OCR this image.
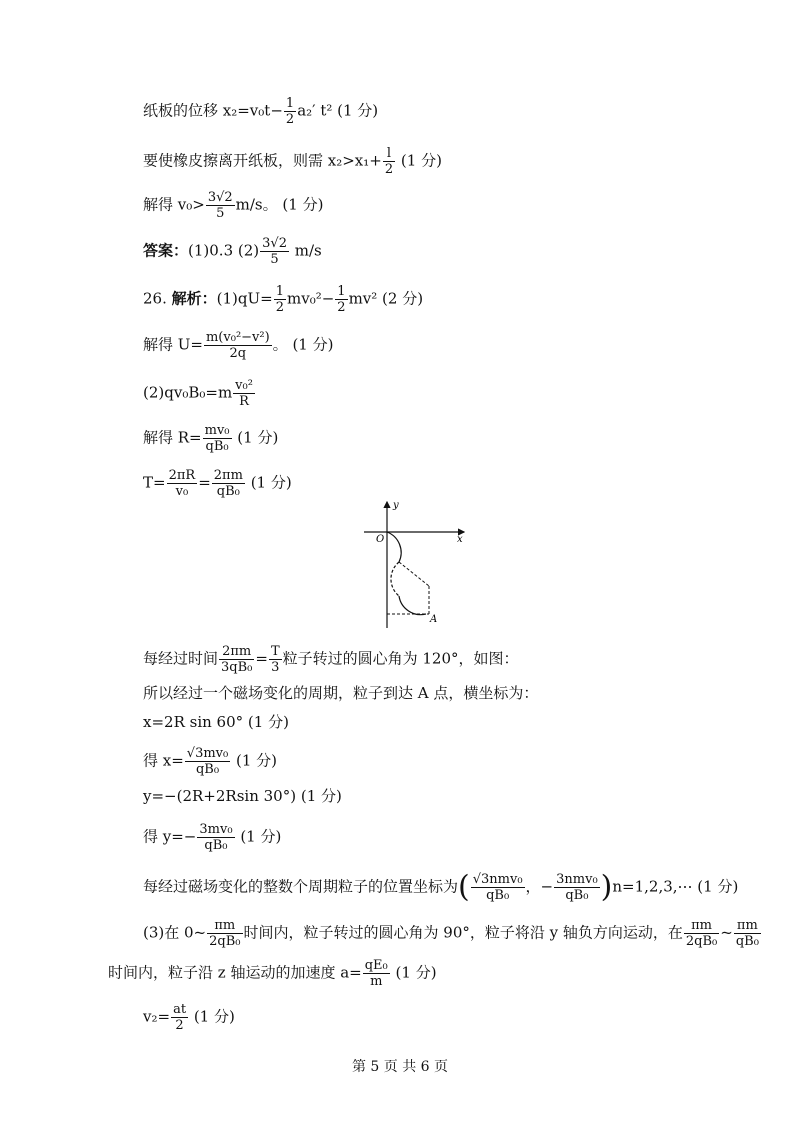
纸板的位移 $x_2=v_0t- \frac{1}{2} a_2'$ t² (1 分)
要使橡皮擦离开纸板，则需 $x_2>x_1+ \frac{l}{2} (1$ 分)
解得 $v_0> \frac{3√2}{5} m/s$。 (1 分)
答案：(1)0.3 $(2) \frac{3√2}{5} m/s$
26. 解析：$(1)qU= \frac{1}{2} mv_0^2- \frac{1}{2} mv^2$ (2 分)
解得 $U= \frac{\text{m(v₀²−v²)}}{2q}$ 。 (1 分)
$(2)qv_0B_0=m \frac{\text{v₀²}}{R}$
解得 $R= \frac{\text{mv₀}}{\text{qB₀}} (1$ 分)
$T= \frac{2\pi R}{\text{v₀}} = \frac{2\pi m}{\text{qB₀}} (1$ 分)
y
x
O
A
每经过时间 $\frac{2\pi m}{\text{3qB₀}} = \frac{T}{3}$ 粒子转过的圆心角为 120°，如图：
所以经过一个磁场变化的周期，粒子到达 A 点，横坐标为：
x=2R sin 60° (1 分)
得 $x= \frac{\text{√3mv₀}}{\text{qB₀}} (1$ 分)
y=−(2R+2Rsin 30°) (1 分)
得 $y=- \frac{\text{3mv₀}}{\text{qB₀}} (1$ 分)
每经过磁场变化的整数个周期粒子的位置坐标为( $\frac{\text{√3nmv₀}}{\text{qB₀}}$ ，− $\frac{\text{3nmv₀}}{\text{qB₀}}$ )n=1,2,3,⋯ (1 分)
(3)在 0~ $\frac{\pi m}{\text{2qB₀}}$ 时间内，粒子转过的圆心角为 90°，粒子将沿 y 轴负方向运动，在 $\frac{\pi m}{\text{2qB₀}}$ ~ $\frac{\pi m}{\text{qB₀}}$
时间内，粒子沿 z 轴运动的加速度 $a= \frac{\text{qE₀}}{m} (1$ 分)
$v_2= \frac{at}{2} (1$ 分)
第 5 页 共 6 页
